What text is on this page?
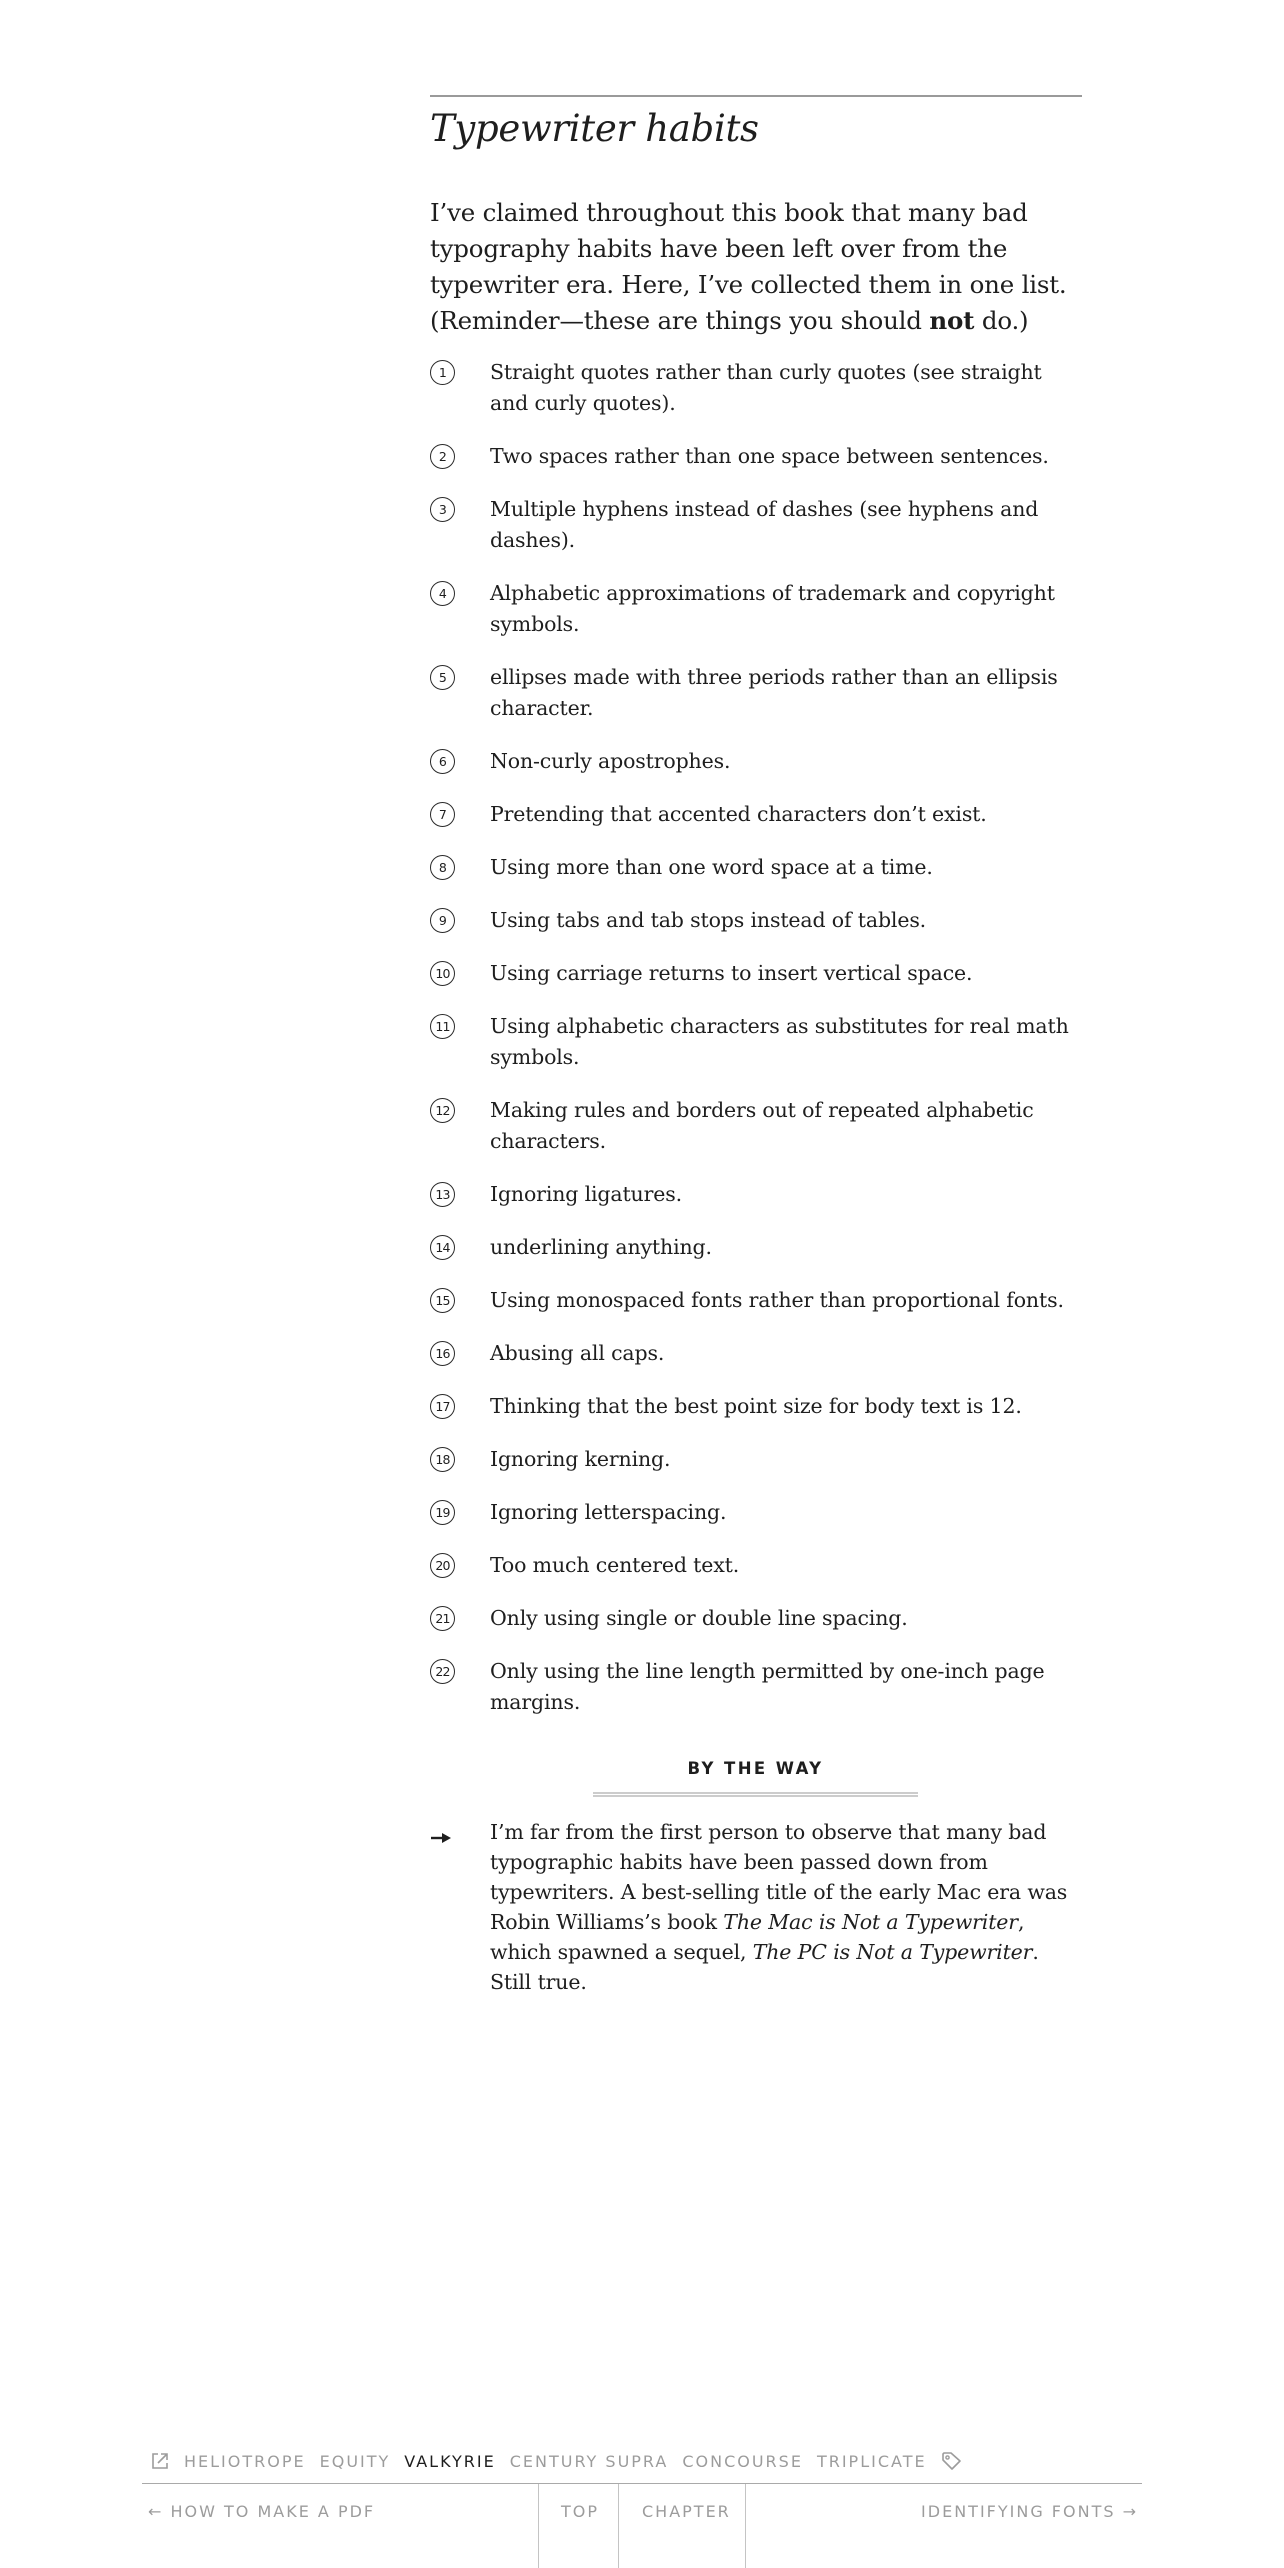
Typewriter habits

I’ve claimed throughout this book that many bad typography habits have been left over from the typewriter era. Here, I’ve collected them in one list. (Reminder—these are things you should not do.)

1	Straight quotes rather than curly quotes (see straight and curly quotes).
2	Two spaces rather than one space between sentences.
3	Multiple hyphens instead of dashes (see hyphens and dashes).
4	Alphabetic approximations of trademark and copyright symbols.
5	ellipses made with three periods rather than an ellipsis character.
6	Non-curly apostrophes.
7	Pretending that accented characters don’t exist.
8	Using more than one word space at a time.
9	Using tabs and tab stops instead of tables.
10 Using carriage returns to insert vertical space.
11 Using alphabetic characters as substitutes for real math symbols.
12 Making rules and borders out of repeated alphabetic characters.
13 Ignoring ligatures.
14 underlining anything.
15 Using monospaced fonts rather than proportional fonts.
16 Abusing all caps.
17 Thinking that the best point size for body text is 12.
18 Ignoring kerning.
19 Ignoring letterspacing.
20 Too much centered text.
21 Only using single or double line spacing.
22 Only using the line length permitted by one-inch page margins.
BY THE WAY
I’m far from the first person to observe that many bad typographic habits have been passed down from typewriters. A best-selling title of the early Mac era was Robin Williams’s book The Mac is Not a Typewriter, which spawned a sequel, The PC is Not a Typewriter. Still true.
HELIOTROPE EQUITY VALKYRIE CENTURY SUPRA CONCOURSE TRIPLICATE
← HOW TO MAKE A PDF	TOP	CHAPTER	IDENTIFYING FONTS →
